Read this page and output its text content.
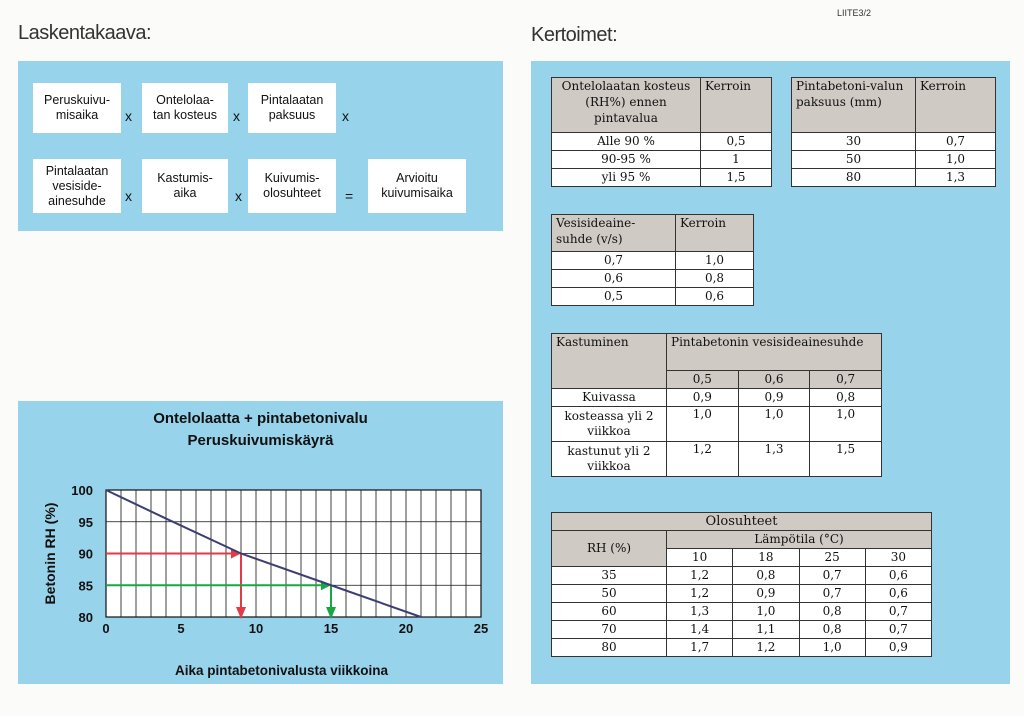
LIITE3/2
Laskentakaava:
Peruskuivu-
misaika	x
Ontelolaa-
tan kosteus x
Pintalaatan
paksuus	x
Pintalaatan
vesiside-
ainesuhde x
Kastumis-
aika	x
Kuivumis-
olosuhteet =
Arvioitu
kuivumisaika
Ontelolaatta + pintabetonivalu
Peruskuivumiskäyrä
0	5	10	15	20	25
100
95
90
85
80
Aika pintabetonivalusta viikkoina
Betonin RH (%)
Kertoimet:
Ontelolaatan kosteus (RH%) ennen pintavalua	Kerroin
Alle 90 %	0,5
90-95 %	1
yli 95 %	1,5
Pintabetoni-valun paksuus (mm)	Kerroin
30	0,7
50	1,0
80	1,3
Vesisideaine-suhde (v/s)	Kerroin
0,7	1,0
0,6	0,8
0,5	0,6
Kastuminen	Pintabetonin vesisideainesuhde		
	0,5	0,6	0,7
Kuivassa	0,9	0,9	0,8
kosteassa yli 2 viikkoa	1,0	1,0	1,0
kastunut yli 2 viikkoa	1,2	1,3	1,5
Olosuhteet				
RH (%)	Lämpötila (°C)			
	10	18	25	30
35	1,2	0,8	0,7	0,6
50	1,2	0,9	0,7	0,6
60	1,3	1,0	0,8	0,7
70	1,4	1,1	0,8	0,7
80	1,7	1,2	1,0	0,9
